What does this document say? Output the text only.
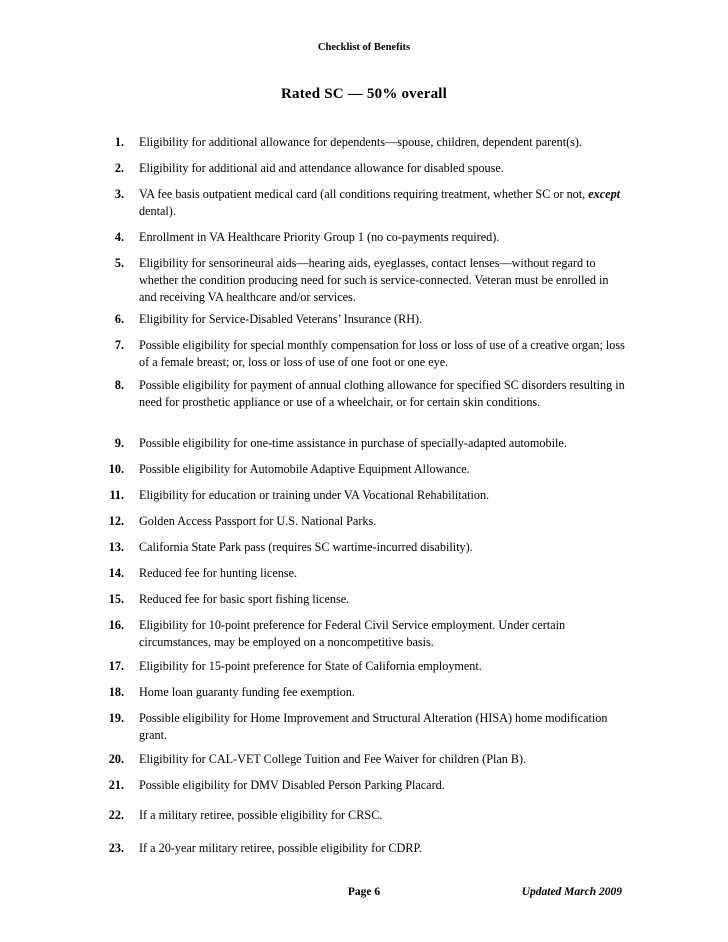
Checklist of Benefits
Rated SC — 50% overall
1. Eligibility for additional allowance for dependents—spouse, children, dependent parent(s).
2. Eligibility for additional aid and attendance allowance for disabled spouse.
3. VA fee basis outpatient medical card (all conditions requiring treatment, whether SC or not, except dental).
4. Enrollment in VA Healthcare Priority Group 1 (no co-payments required).
5. Eligibility for sensorineural aids—hearing aids, eyeglasses, contact lenses—without regard to whether the condition producing need for such is service-connected. Veteran must be enrolled in and receiving VA healthcare and/or services.
6. Eligibility for Service-Disabled Veterans’ Insurance (RH).
7. Possible eligibility for special monthly compensation for loss or loss of use of a creative organ; loss of a female breast; or, loss or loss of use of one foot or one eye.
8. Possible eligibility for payment of annual clothing allowance for specified SC disorders resulting in need for prosthetic appliance or use of a wheelchair, or for certain skin conditions.
9. Possible eligibility for one-time assistance in purchase of specially-adapted automobile.
10. Possible eligibility for Automobile Adaptive Equipment Allowance.
11. Eligibility for education or training under VA Vocational Rehabilitation.
12. Golden Access Passport for U.S. National Parks.
13. California State Park pass (requires SC wartime-incurred disability).
14. Reduced fee for hunting license.
15. Reduced fee for basic sport fishing license.
16. Eligibility for 10-point preference for Federal Civil Service employment. Under certain circumstances, may be employed on a noncompetitive basis.
17. Eligibility for 15-point preference for State of California employment.
18. Home loan guaranty funding fee exemption.
19. Possible eligibility for Home Improvement and Structural Alteration (HISA) home modification grant.
20. Eligibility for CAL-VET College Tuition and Fee Waiver for children (Plan B).
21. Possible eligibility for DMV Disabled Person Parking Placard.
22. If a military retiree, possible eligibility for CRSC.
23. If a 20-year military retiree, possible eligibility for CDRP.
Page 6	Updated March 2009
